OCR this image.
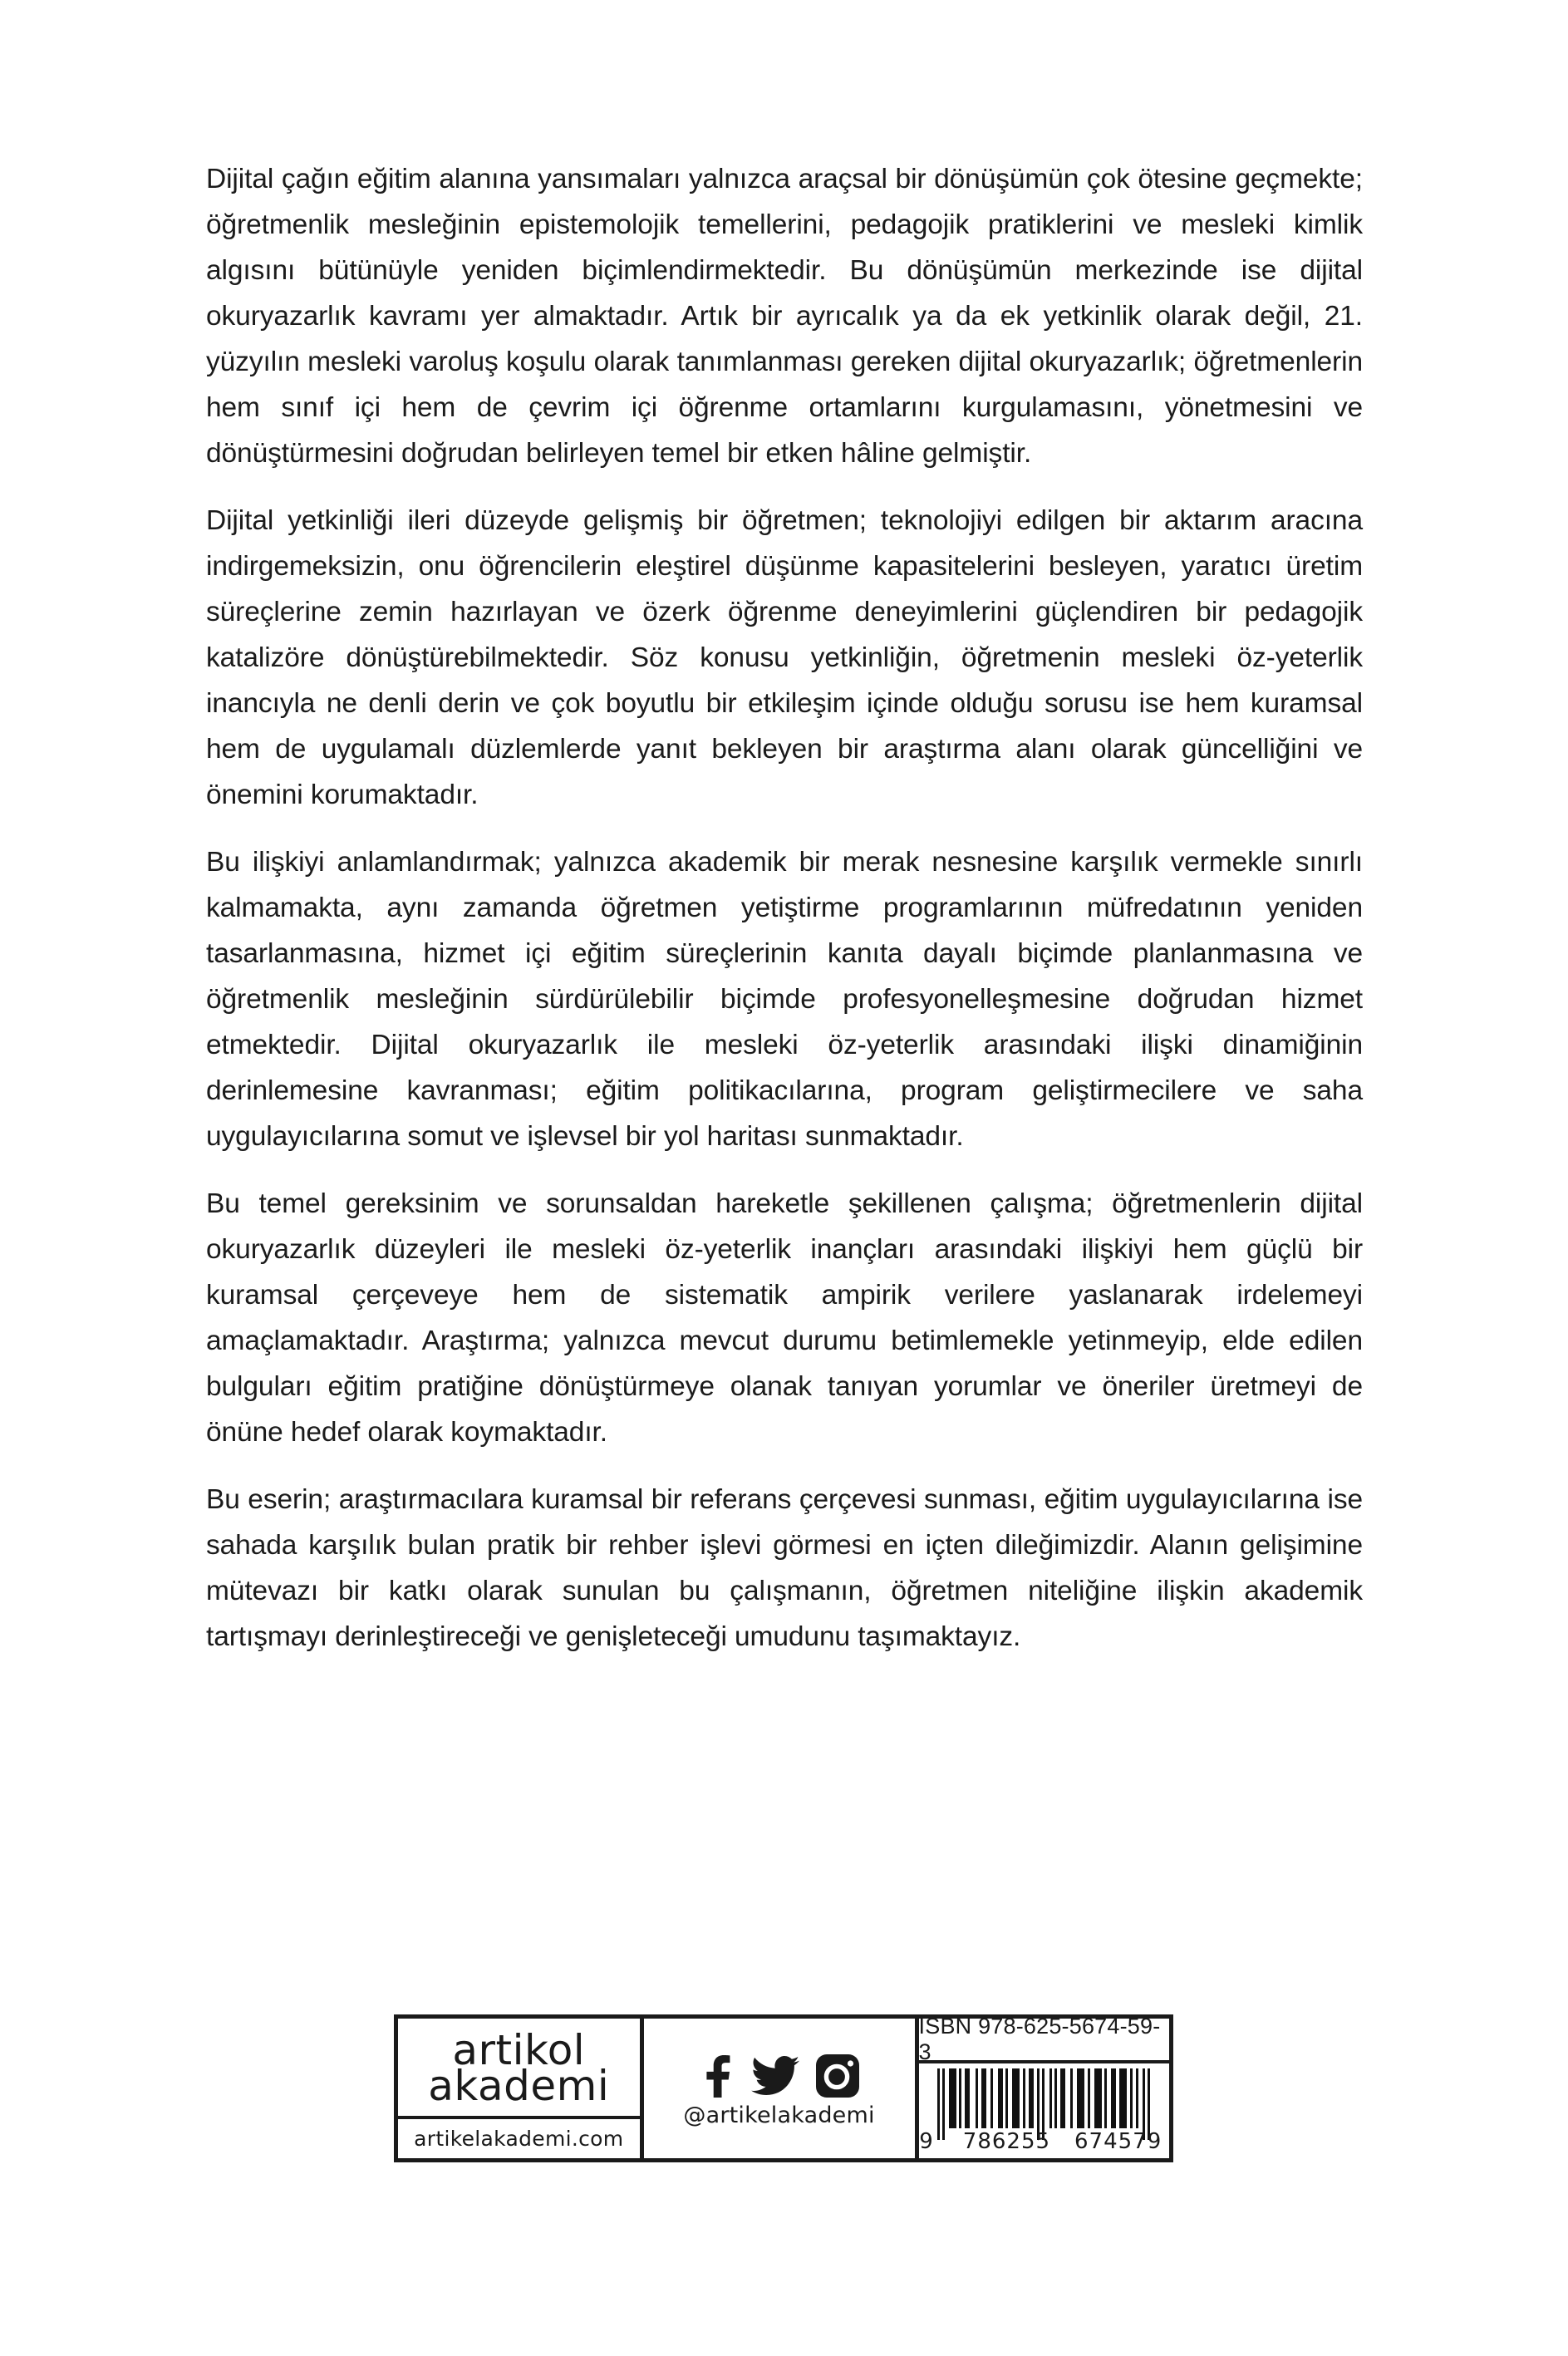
Dijital çağın eğitim alanına yansımaları yalnızca araçsal bir dönüşümün çok ötesine geçmekte; öğretmenlik mesleğinin epistemolojik temellerini, pedagojik pratiklerini ve mesleki kimlik algısını bütünüyle yeniden biçimlendirmektedir. Bu dönüşümün merkezinde ise dijital okuryazarlık kavramı yer almaktadır. Artık bir ayrıcalık ya da ek yetkinlik olarak değil, 21. yüzyılın mesleki varoluş koşulu olarak tanımlanması gereken dijital okuryazarlık; öğretmenlerin hem sınıf içi hem de çevrim içi öğrenme ortamlarını kurgulamasını, yönetmesini ve dönüştürmesini doğrudan belirleyen temel bir etken hâline gelmiştir.

Dijital yetkinliği ileri düzeyde gelişmiş bir öğretmen; teknolojiyi edilgen bir aktarım aracına indirgemeksizin, onu öğrencilerin eleştirel düşünme kapasitelerini besleyen, yaratıcı üretim süreçlerine zemin hazırlayan ve özerk öğrenme deneyimlerini güçlendiren bir pedagojik katalizöre dönüştürebilmektedir. Söz konusu yetkinliğin, öğretmenin mesleki öz-yeterlik inancıyla ne denli derin ve çok boyutlu bir etkileşim içinde olduğu sorusu ise hem kuramsal hem de uygulamalı düzlemlerde yanıt bekleyen bir araştırma alanı olarak güncelliğini ve önemini korumaktadır.

Bu ilişkiyi anlamlandırmak; yalnızca akademik bir merak nesnesine karşılık vermekle sınırlı kalmamakta, aynı zamanda öğretmen yetiştirme programlarının müfredatının yeniden tasarlanmasına, hizmet içi eğitim süreçlerinin kanıta dayalı biçimde planlanmasına ve öğretmenlik mesleğinin sürdürülebilir biçimde profesyonelleşmesine doğrudan hizmet etmektedir. Dijital okuryazarlık ile mesleki öz-yeterlik arasındaki ilişki dinamiğinin derinlemesine kavranması; eğitim politikacılarına, program geliştirmecilere ve saha uygulayıcılarına somut ve işlevsel bir yol haritası sunmaktadır.

Bu temel gereksinim ve sorunsaldan hareketle şekillenen çalışma; öğretmenlerin dijital okuryazarlık düzeyleri ile mesleki öz-yeterlik inançları arasındaki ilişkiyi hem güçlü bir kuramsal çerçeveye hem de sistematik ampirik verilere yaslanarak irdelemeyi amaçlamaktadır. Araştırma; yalnızca mevcut durumu betimlemekle yetinmeyip, elde edilen bulguları eğitim pratiğine dönüştürmeye olanak tanıyan yorumlar ve öneriler üretmeyi de önüne hedef olarak koymaktadır.

Bu eserin; araştırmacılara kuramsal bir referans çerçevesi sunması, eğitim uygulayıcılarına ise sahada karşılık bulan pratik bir rehber işlevi görmesi en içten dileğimizdir. Alanın gelişimine mütevazı bir katkı olarak sunulan bu çalışmanın, öğretmen niteliğine ilişkin akademik tartışmayı derinleştireceği ve genişleteceği umudunu taşımaktayız.

artikol
akademi
artikelakademi.com
@artikelakademi
ISBN 978-625-5674-59-3
9 786255 674579
